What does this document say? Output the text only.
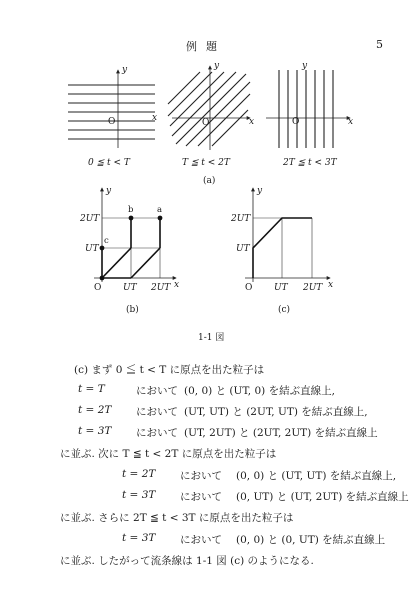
例題	5
y
x
O
0 ≦ t < T
y
x
O
T ≦ t < 2T
y
x
O
2T ≦ t < 3T
(a)
y
x
O
2UT
UT
UT 2UT
c
b	a
(b)
y
x
O
2UT
UT
UT 2UT
(c)
1-1 図
(c) まず 0 ≦ t < T に原点を出た粒子は
t = T	において (0, 0) と (UT, 0) を結ぶ直線上,
t = 2T において (UT, UT) と (2UT, UT) を結ぶ直線上,
t = 3T において (UT, 2UT) と (2UT, 2UT) を結ぶ直線上
に並ぶ. 次に T ≦ t < 2T に原点を出た粒子は
t = 2T において (0, 0) と (UT, UT) を結ぶ直線上,
t = 3T において (0, UT) と (UT, 2UT) を結ぶ直線上
に並ぶ. さらに 2T ≦ t < 3T に原点を出た粒子は
t = 3T において (0, 0) と (0, UT) を結ぶ直線上
に並ぶ. したがって流条線は 1-1 図 (c) のようになる.
